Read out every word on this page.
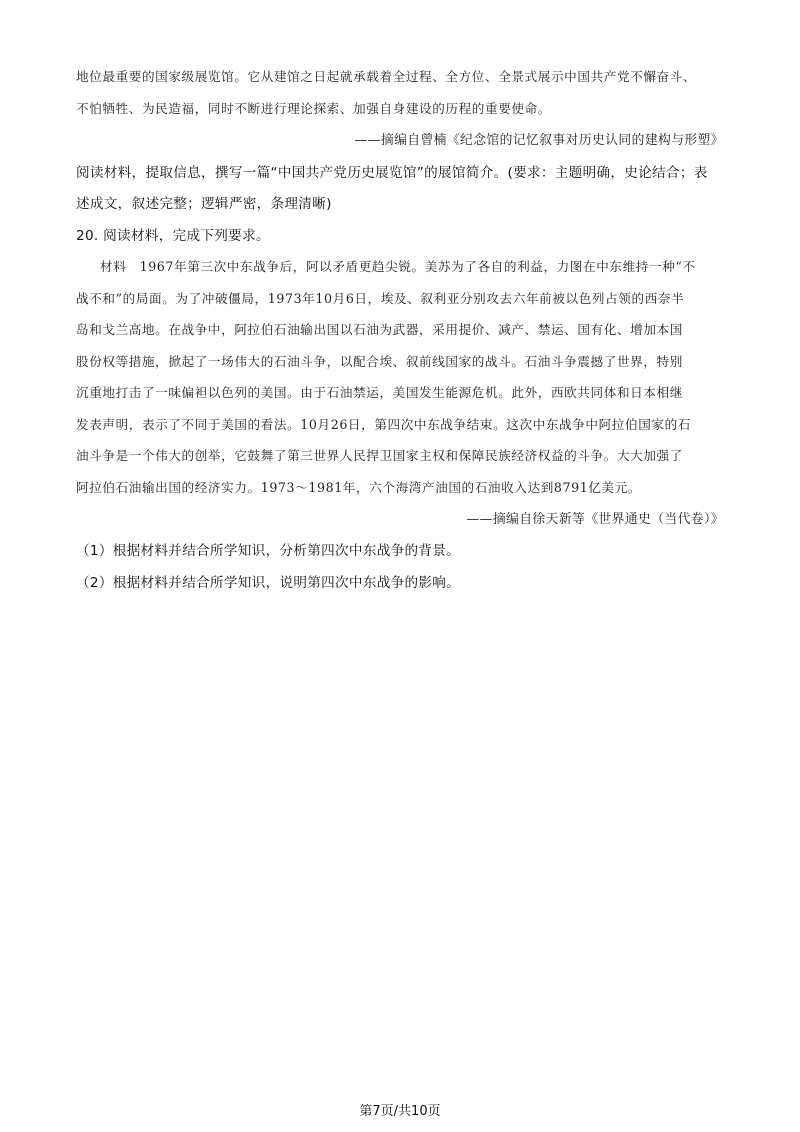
地位最重要的国家级展览馆。它从建馆之日起就承载着全过程、全方位、全景式展示中国共产党不懈奋斗、
不怕牺牲、为民造福，同时不断进行理论探索、加强自身建设的历程的重要使命。
——摘编自曾楠《纪念馆的记忆叙事对历史认同的建构与形塑》
阅读材料，提取信息，撰写一篇“中国共产党历史展览馆”的展馆简介。(要求：主题明确，史论结合；表
述成文，叙述完整；逻辑严密，条理清晰)
20. 阅读材料，完成下列要求。
材料　1967年第三次中东战争后，阿以矛盾更趋尖锐。美苏为了各自的利益，力图在中东维持一种“不
战不和”的局面。为了冲破僵局，1973年10月6日，埃及、叙利亚分别攻去六年前被以色列占领的西奈半
岛和戈兰高地。在战争中，阿拉伯石油输出国以石油为武器，采用提价、减产、禁运、国有化、增加本国
股份权等措施，掀起了一场伟大的石油斗争，以配合埃、叙前线国家的战斗。石油斗争震撼了世界，特别
沉重地打击了一味偏袒以色列的美国。由于石油禁运，美国发生能源危机。此外，西欧共同体和日本相继
发表声明，表示了不同于美国的看法。10月26日，第四次中东战争结束。这次中东战争中阿拉伯国家的石
油斗争是一个伟大的创举，它鼓舞了第三世界人民捍卫国家主权和保障民族经济权益的斗争。大大加强了
阿拉伯石油输出国的经济实力。1973～1981年，六个海湾产油国的石油收入达到8791亿美元。
——摘编自徐天新等《世界通史（当代卷）》
（1）根据材料并结合所学知识，分析第四次中东战争的背景。
（2）根据材料并结合所学知识，说明第四次中东战争的影响。
第7页/共10页
